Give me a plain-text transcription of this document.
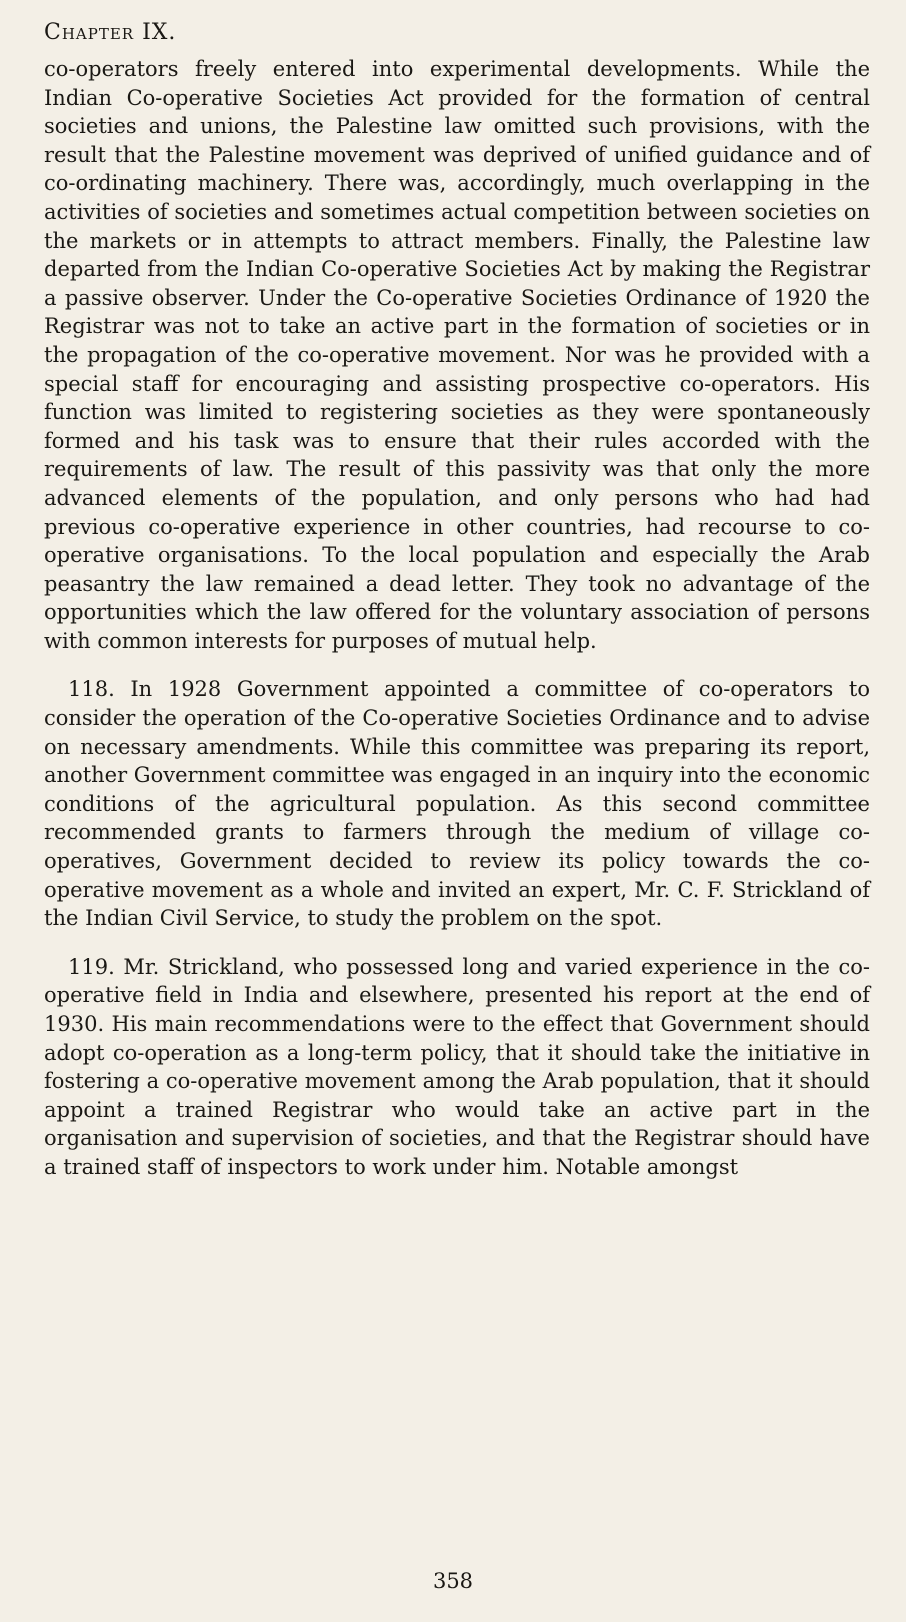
Chapter IX.

co-operators freely entered into experimental developments. While the Indian Co-operative Societies Act provided for the formation of central societies and unions, the Palestine law omitted such provisions, with the result that the Palestine movement was deprived of unified guidance and of co-ordinating machinery. There was, accordingly, much overlapping in the activities of societies and sometimes actual competition between societies on the markets or in attempts to attract members. Finally, the Palestine law departed from the Indian Co-operative Societies Act by making the Registrar a passive observer. Under the Co-operative Societies Ordinance of 1920 the Registrar was not to take an active part in the formation of societies or in the propagation of the co-operative movement. Nor was he provided with a special staff for encouraging and assisting prospective co-operators. His function was limited to registering societies as they were spontaneously formed and his task was to ensure that their rules accorded with the requirements of law. The result of this passivity was that only the more advanced elements of the population, and only persons who had had previous co-operative experience in other countries, had recourse to co-operative organisations. To the local population and especially the Arab peasantry the law remained a dead letter. They took no advantage of the opportunities which the law offered for the voluntary association of persons with common interests for purposes of mutual help.

118. In 1928 Government appointed a committee of co-operators to consider the operation of the Co-operative Societies Ordinance and to advise on necessary amendments. While this committee was preparing its report, another Government committee was engaged in an inquiry into the economic conditions of the agricultural population. As this second committee recommended grants to farmers through the medium of village co-operatives, Government decided to review its policy towards the co-operative movement as a whole and invited an expert, Mr. C. F. Strickland of the Indian Civil Service, to study the problem on the spot.

119. Mr. Strickland, who possessed long and varied experience in the co-operative field in India and elsewhere, presented his report at the end of 1930. His main recommendations were to the effect that Government should adopt co-operation as a long-term policy, that it should take the initiative in fostering a co-operative movement among the Arab population, that it should appoint a trained Registrar who would take an active part in the organisation and supervision of societies, and that the Registrar should have a trained staff of inspectors to work under him. Notable amongst

358
